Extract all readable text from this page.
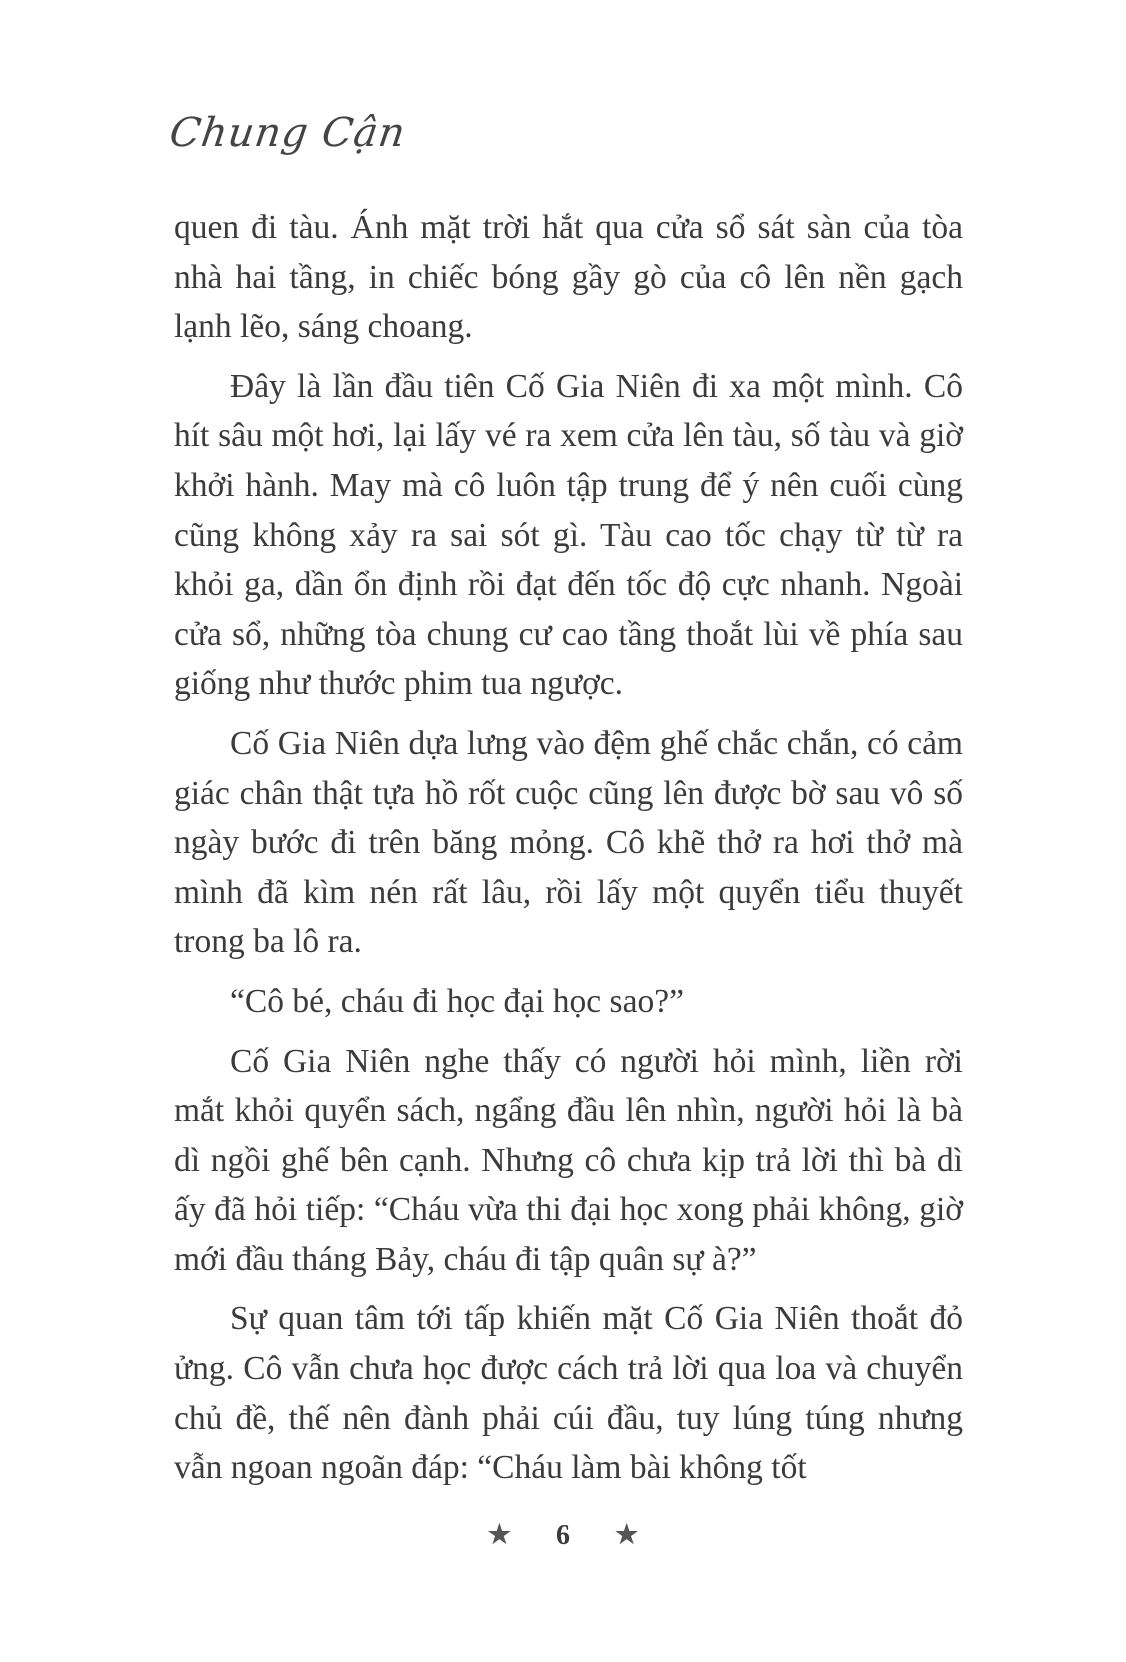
Chung Cận

quen đi tàu. Ánh mặt trời hắt qua cửa sổ sát sàn của tòa nhà hai tầng, in chiếc bóng gầy gò của cô lên nền gạch lạnh lẽo, sáng choang.

Đây là lần đầu tiên Cố Gia Niên đi xa một mình. Cô hít sâu một hơi, lại lấy vé ra xem cửa lên tàu, số tàu và giờ khởi hành. May mà cô luôn tập trung để ý nên cuối cùng cũng không xảy ra sai sót gì. Tàu cao tốc chạy từ từ ra khỏi ga, dần ổn định rồi đạt đến tốc độ cực nhanh. Ngoài cửa sổ, những tòa chung cư cao tầng thoắt lùi về phía sau giống như thước phim tua ngược.

Cố Gia Niên dựa lưng vào đệm ghế chắc chắn, có cảm giác chân thật tựa hồ rốt cuộc cũng lên được bờ sau vô số ngày bước đi trên băng mỏng. Cô khẽ thở ra hơi thở mà mình đã kìm nén rất lâu, rồi lấy một quyển tiểu thuyết trong ba lô ra.

“Cô bé, cháu đi học đại học sao?”

Cố Gia Niên nghe thấy có người hỏi mình, liền rời mắt khỏi quyển sách, ngẩng đầu lên nhìn, người hỏi là bà dì ngồi ghế bên cạnh. Nhưng cô chưa kịp trả lời thì bà dì ấy đã hỏi tiếp: “Cháu vừa thi đại học xong phải không, giờ mới đầu tháng Bảy, cháu đi tập quân sự à?”

Sự quan tâm tới tấp khiến mặt Cố Gia Niên thoắt đỏ ửng. Cô vẫn chưa học được cách trả lời qua loa và chuyển chủ đề, thế nên đành phải cúi đầu, tuy lúng túng nhưng vẫn ngoan ngoãn đáp: “Cháu làm bài không tốt

★ 6 ★
